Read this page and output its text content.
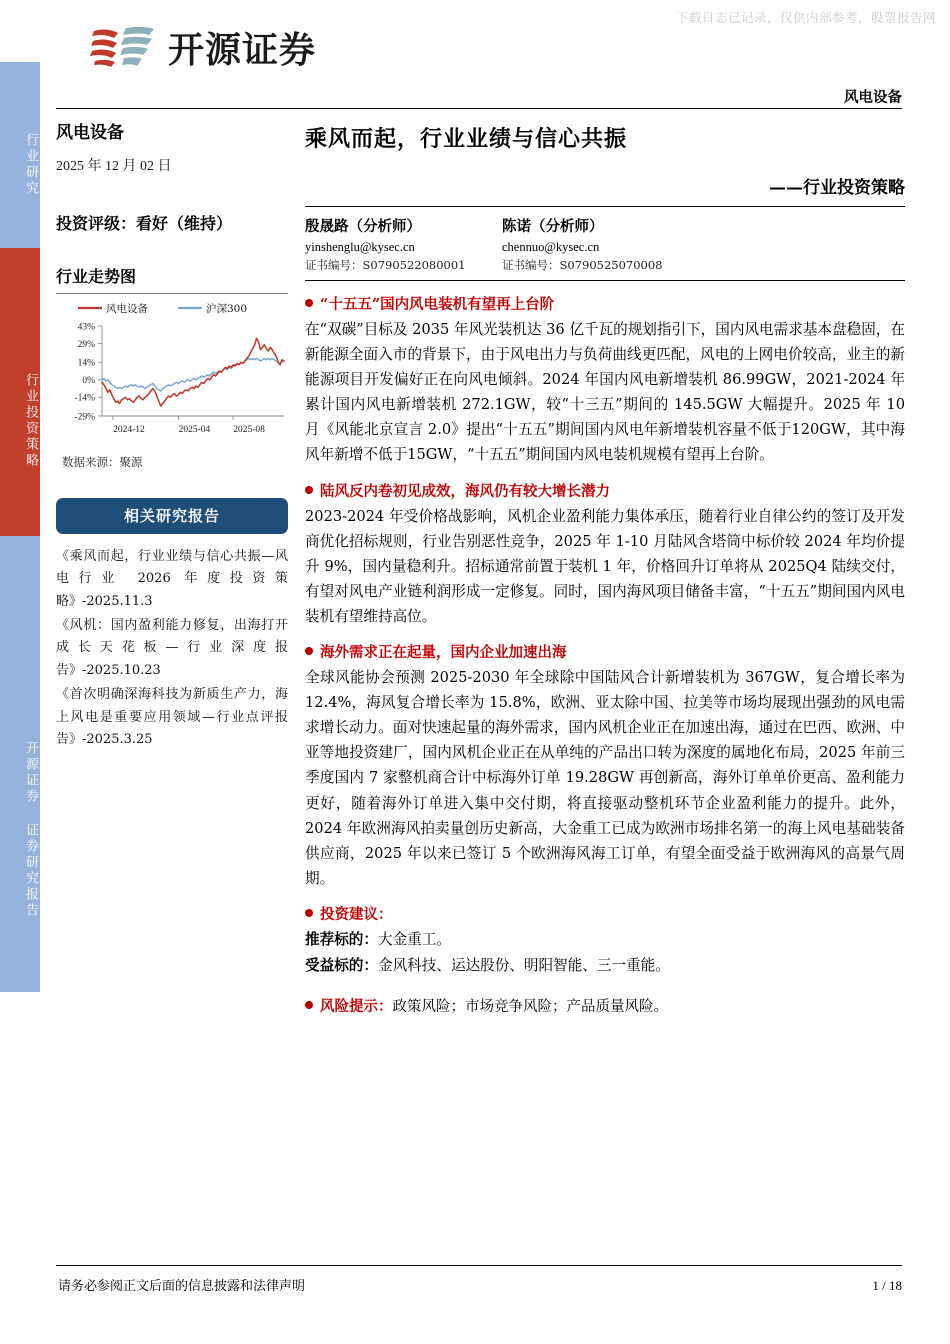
行业研究
行业投资策略
开源证券 证券研究报告
下载日志已记录，仅供内部参考，股票报告网
开源证券
风电设备
风电设备
2025 年 12 月 02 日
投资评级：看好（维持）
行业走势图
风电设备	沪深300
43%
29%
14%
0%
-14%
-29%
2024-12	2025-04 2025-08
数据来源：聚源
相关研究报告
《乘风而起，行业业绩与信心共振—风电行业 2026 年度投资策略》-2025.11.3
《风机：国内盈利能力修复，出海打开成长天花板—行业深度报告》-2025.10.23
《首次明确深海科技为新质生产力，海上风电是重要应用领域—行业点评报告》-2025.3.25
乘风而起，行业业绩与信心共振
——行业投资策略
殷晟路（分析师）
yinshenglu@kysec.cn
证书编号：S0790522080001
陈诺（分析师）
chennuo@kysec.cn
证书编号：S0790525070008
“十五五”国内风电装机有望再上台阶

在“双碳”目标及 2035 年风光装机达 36 亿千瓦的规划指引下，国内风电需求基本盘稳固，在新能源全面入市的背景下，由于风电出力与负荷曲线更匹配，风电的上网电价较高，业主的新能源项目开发偏好正在向风电倾斜。2024 年国内风电新增装机 86.99GW，2021-2024 年累计国内风电新增装机 272.1GW，较“十三五”期间的 145.5GW 大幅提升。2025 年 10 月《风能北京宣言 2.0》提出“十五五”期间国内风电年新增装机容量不低于120GW，其中海风年新增不低于15GW，“十五五”期间国内风电装机规模有望再上台阶。

陆风反内卷初见成效，海风仍有较大增长潜力

2023-2024 年受价格战影响，风机企业盈利能力集体承压，随着行业自律公约的签订及开发商优化招标规则，行业告别恶性竞争，2025 年 1-10 月陆风含塔筒中标价较 2024 年均价提升 9%，国内量稳利升。招标通常前置于装机 1 年，价格回升订单将从 2025Q4 陆续交付，有望对风电产业链利润形成一定修复。同时，国内海风项目储备丰富，“十五五”期间国内风电装机有望维持高位。

海外需求正在起量，国内企业加速出海

全球风能协会预测 2025-2030 年全球除中国陆风合计新增装机为 367GW，复合增长率为 12.4%，海风复合增长率为 15.8%，欧洲、亚太除中国、拉美等市场均展现出强劲的风电需求增长动力。面对快速起量的海外需求，国内风机企业正在加速出海，通过在巴西、欧洲、中亚等地投资建厂，国内风机企业正在从单纯的产品出口转为深度的属地化布局，2025 年前三季度国内 7 家整机商合计中标海外订单 19.28GW 再创新高，海外订单单价更高、盈利能力更好，随着海外订单进入集中交付期，将直接驱动整机环节企业盈利能力的提升。此外，2024 年欧洲海风拍卖量创历史新高，大金重工已成为欧洲市场排名第一的海上风电基础装备供应商，2025 年以来已签订 5 个欧洲海风海工订单，有望全面受益于欧洲海风的高景气周期。

投资建议：
推荐标的：大金重工。
受益标的：金风科技、运达股份、明阳智能、三一重能。
风险提示：政策风险；市场竞争风险；产品质量风险。
请务必参阅正文后面的信息披露和法律声明	1 / 18
